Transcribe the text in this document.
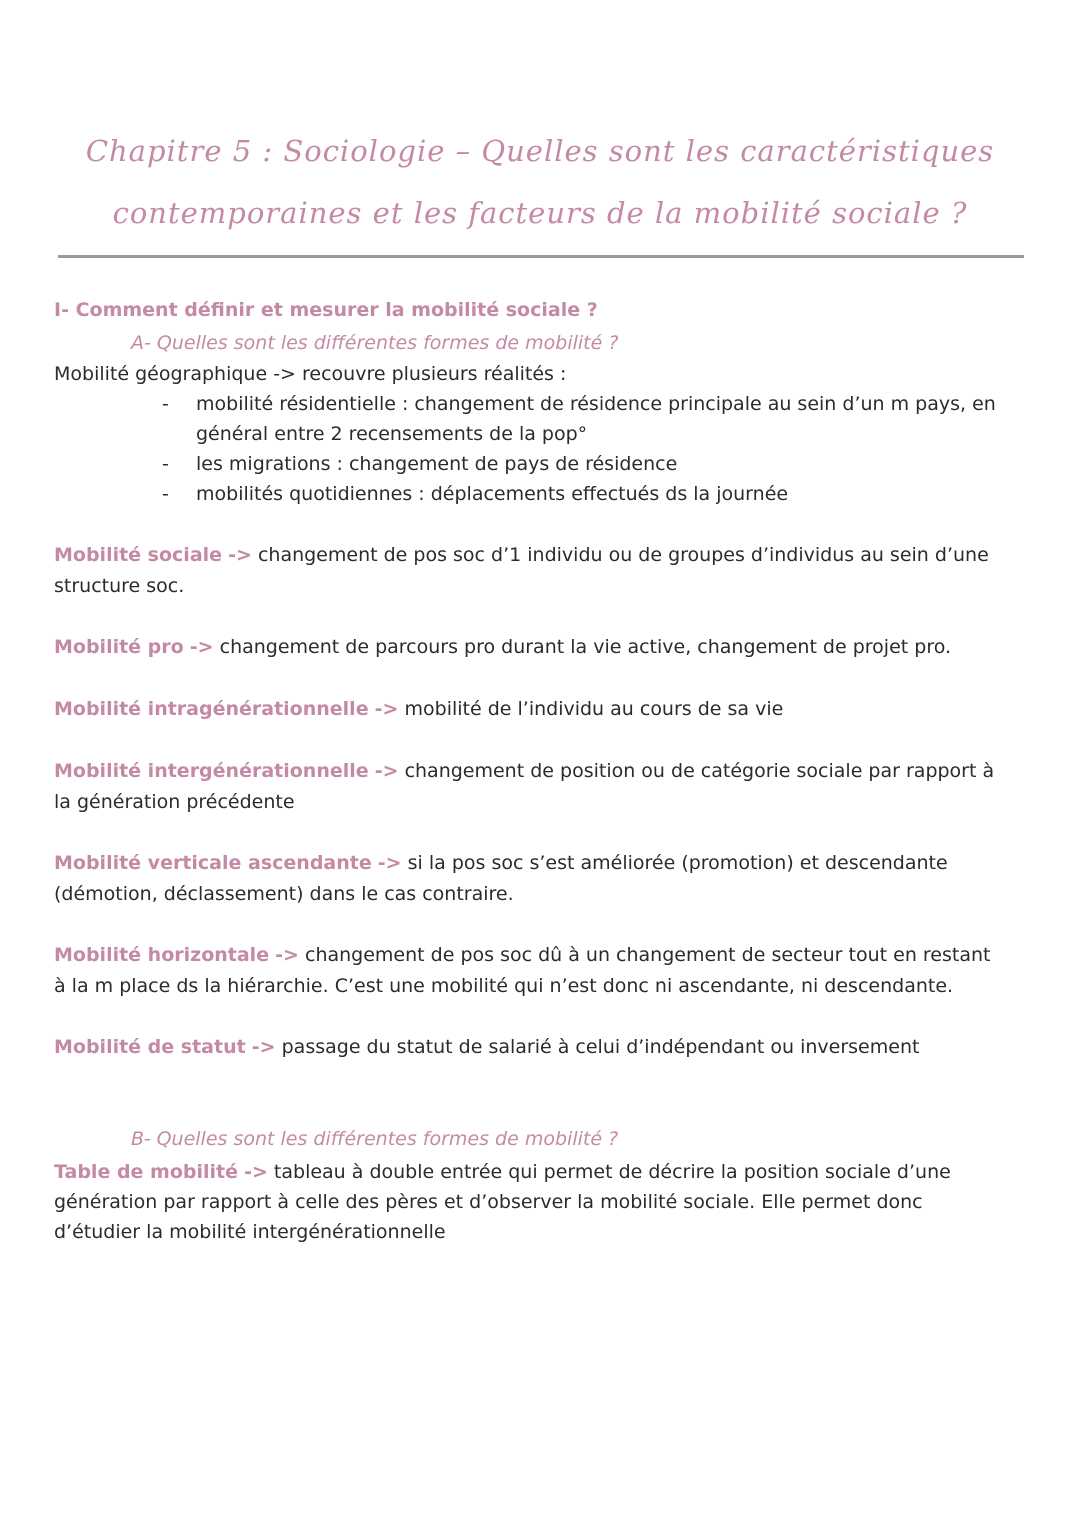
Chapitre 5 : Sociologie – Quelles sont les caractéristiques
contemporaines et les facteurs de la mobilité sociale ?
I- Comment définir et mesurer la mobilité sociale ?
A- Quelles sont les différentes formes de mobilité ?
Mobilité géographique -> recouvre plusieurs réalités :
- mobilité résidentielle : changement de résidence principale au sein d’un m pays, en
général entre 2 recensements de la pop°
- les migrations : changement de pays de résidence
- mobilités quotidiennes : déplacements effectués ds la journée
Mobilité sociale -> changement de pos soc d’1 individu ou de groupes d’individus au sein d’une
structure soc.
Mobilité pro -> changement de parcours pro durant la vie active, changement de projet pro.
Mobilité intragénérationnelle -> mobilité de l’individu au cours de sa vie
Mobilité intergénérationnelle -> changement de position ou de catégorie sociale par rapport à
la génération précédente
Mobilité verticale ascendante -> si la pos soc s’est améliorée (promotion) et descendante
(démotion, déclassement) dans le cas contraire.
Mobilité horizontale -> changement de pos soc dû à un changement de secteur tout en restant
à la m place ds la hiérarchie. C’est une mobilité qui n’est donc ni ascendante, ni descendante.
Mobilité de statut -> passage du statut de salarié à celui d’indépendant ou inversement
B- Quelles sont les différentes formes de mobilité ?
Table de mobilité -> tableau à double entrée qui permet de décrire la position sociale d’une
génération par rapport à celle des pères et d’observer la mobilité sociale. Elle permet donc
d’étudier la mobilité intergénérationnelle
